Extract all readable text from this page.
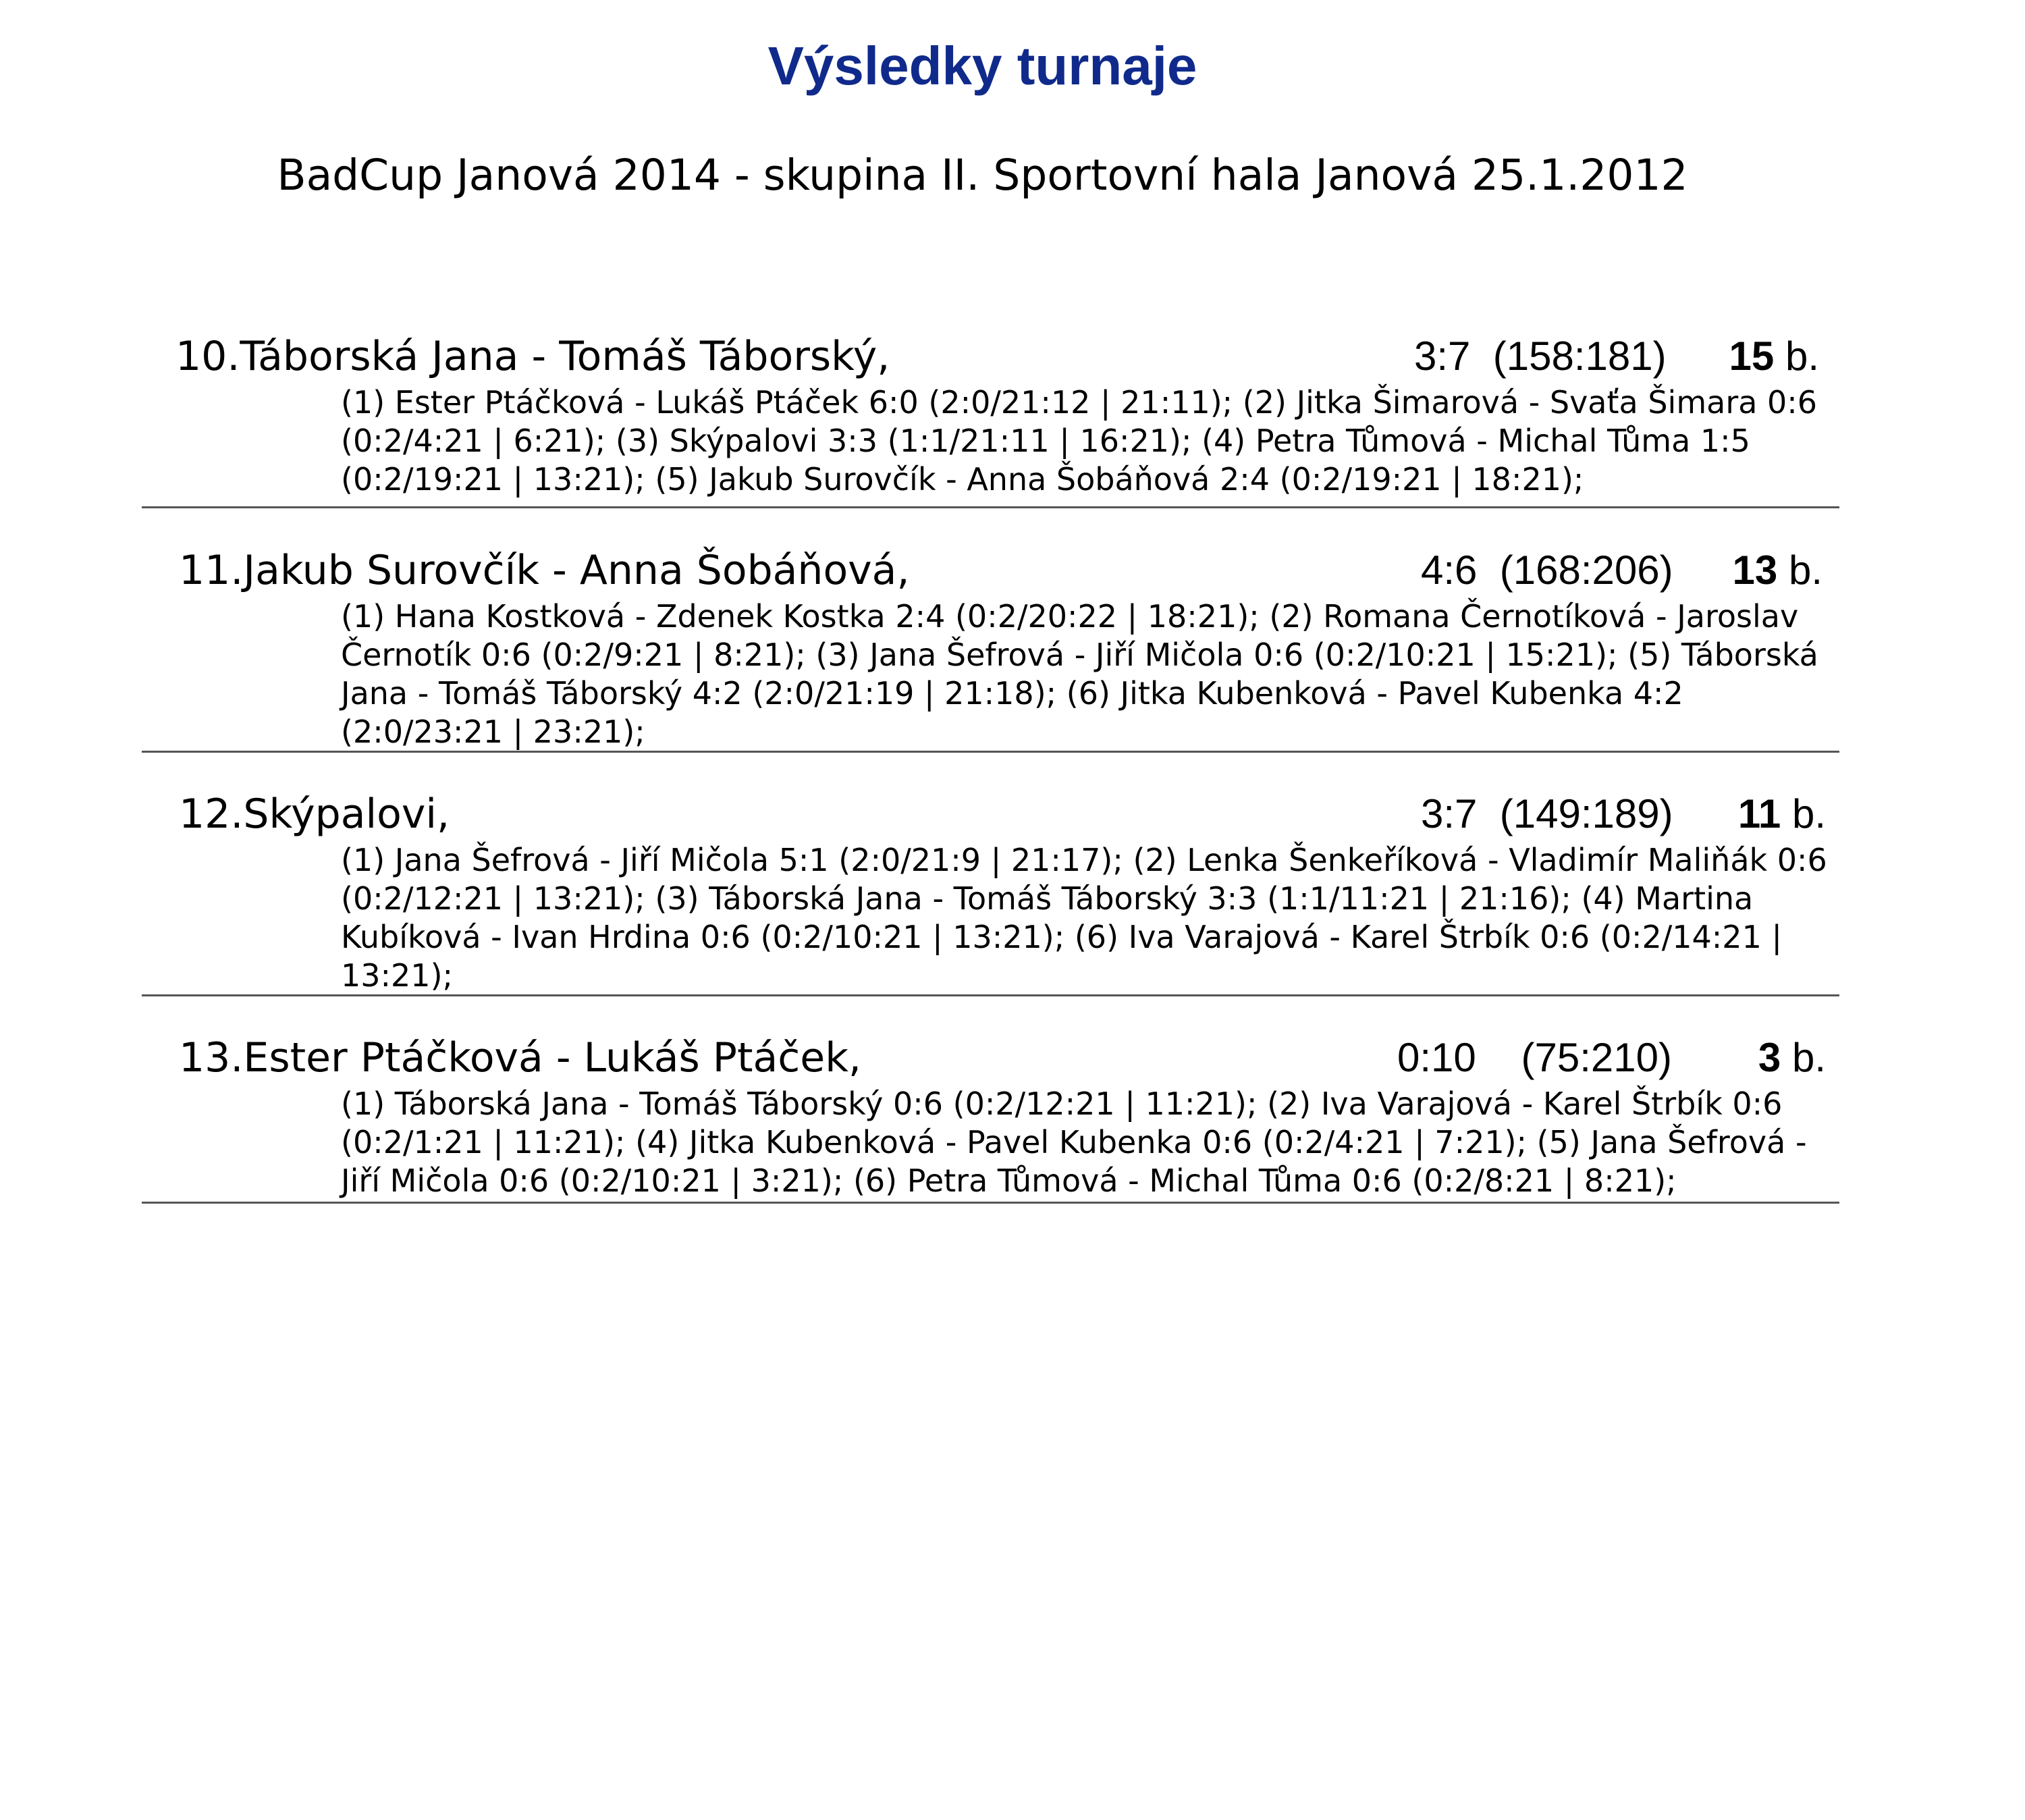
Výsledky turnaje
BadCup Janová 2014 - skupina II. Sportovní hala Janová 25.1.2012
10.Táborská Jana - Tomáš Táborský,	3:7 (158:181) 15 b.
(1) Ester Ptáčková - Lukáš Ptáček 6:0 (2:0/21:12 | 21:11); (2) Jitka Šimarová - Svaťa Šimara 0:6 (0:2/4:21 | 6:21); (3) Skýpalovi 3:3 (1:1/21:11 | 16:21); (4) Petra Tůmová - Michal Tůma 1:5 (0:2/19:21 | 13:21); (5) Jakub Surovčík - Anna Šobáňová 2:4 (0:2/19:21 | 18:21);
11.Jakub Surovčík - Anna Šobáňová,	4:6 (168:206) 13 b.
(1) Hana Kostková - Zdenek Kostka 2:4 (0:2/20:22 | 18:21); (2) Romana Černotíková - Jaroslav Černotík 0:6 (0:2/9:21 | 8:21); (3) Jana Šefrová - Jiří Mičola 0:6 (0:2/10:21 | 15:21); (5) Táborská Jana - Tomáš Táborský 4:2 (2:0/21:19 | 21:18); (6) Jitka Kubenková - Pavel Kubenka 4:2 (2:0/23:21 | 23:21);
12.Skýpalovi,	3:7 (149:189) 11 b.
(1) Jana Šefrová - Jiří Mičola 5:1 (2:0/21:9 | 21:17); (2) Lenka Šenkeříková - Vladimír Maliňák 0:6 (0:2/12:21 | 13:21); (3) Táborská Jana - Tomáš Táborský 3:3 (1:1/11:21 | 21:16); (4) Martina Kubíková - Ivan Hrdina 0:6 (0:2/10:21 | 13:21); (6) Iva Varajová - Karel Štrbík 0:6 (0:2/14:21 | 13:21);
13.Ester Ptáčková - Lukáš Ptáček,	0:10 (75:210) 3 b.
(1) Táborská Jana - Tomáš Táborský 0:6 (0:2/12:21 | 11:21); (2) Iva Varajová - Karel Štrbík 0:6 (0:2/1:21 | 11:21); (4) Jitka Kubenková - Pavel Kubenka 0:6 (0:2/4:21 | 7:21); (5) Jana Šefrová - Jiří Mičola 0:6 (0:2/10:21 | 3:21); (6) Petra Tůmová - Michal Tůma 0:6 (0:2/8:21 | 8:21);
